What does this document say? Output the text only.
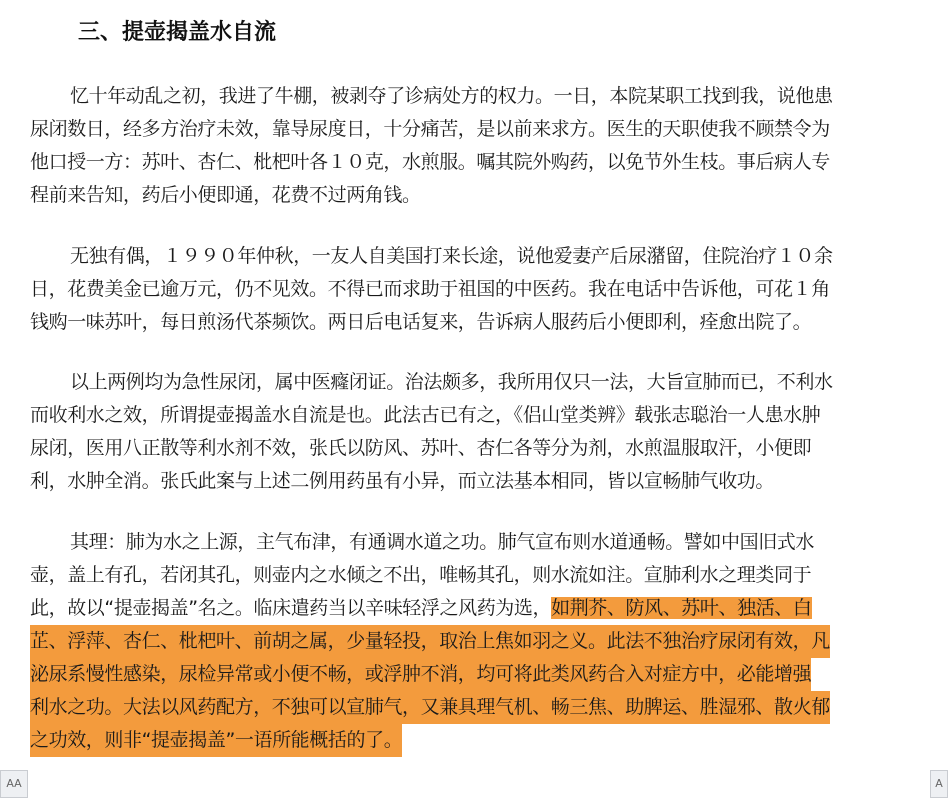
三、提壶揭盖水自流
忆十年动乱之初，我进了牛棚，被剥夺了诊病处方的权力。一日，本院某职工找到我，说他患
尿闭数日，经多方治疗未效，靠导尿度日，十分痛苦，是以前来求方。医生的天职使我不顾禁令为
他口授一方：苏叶、杏仁、枇杷叶各１０克，水煎服。嘱其院外购药，以免节外生枝。事后病人专
程前来告知，药后小便即通，花费不过两角钱。
无独有偶，１９９０年仲秋，一友人自美国打来长途，说他爱妻产后尿潴留，住院治疗１０余
日，花费美金已逾万元，仍不见效。不得已而求助于祖国的中医药。我在电话中告诉他，可花１角
钱购一味苏叶，每日煎汤代茶频饮。两日后电话复来，告诉病人服药后小便即利，痊愈出院了。
以上两例均为急性尿闭，属中医癃闭证。治法颇多，我所用仅只一法，大旨宣肺而已，不利水
而收利水之效，所谓提壶揭盖水自流是也。此法古已有之，《侣山堂类辨》载张志聪治一人患水肿
尿闭，医用八正散等利水剂不效，张氏以防风、苏叶、杏仁各等分为剂，水煎温服取汗，小便即
利，水肿全消。张氏此案与上述二例用药虽有小异，而立法基本相同，皆以宣畅肺气收功。
其理：肺为水之上源，主气布津，有通调水道之功。肺气宣布则水道通畅。譬如中国旧式水
壶，盖上有孔，若闭其孔，则壶内之水倾之不出，唯畅其孔，则水流如注。宣肺利水之理类同于
此，故以“提壶揭盖”名之。临床遣药当以辛味轻浮之风药为选，如荆芥、防风、苏叶、独活、白
芷、浮萍、杏仁、枇杷叶、前胡之属，少量轻投，取治上焦如羽之义。此法不独治疗尿闭有效，凡
泌尿系慢性感染，尿检异常或小便不畅，或浮肿不消，均可将此类风药合入对症方中，必能增强
利水之功。大法以风药配方，不独可以宣肺气，又兼具理气机、畅三焦、助脾运、胜湿邪、散火郁
之功效，则非“提壶揭盖”一语所能概括的了。
AA	A
